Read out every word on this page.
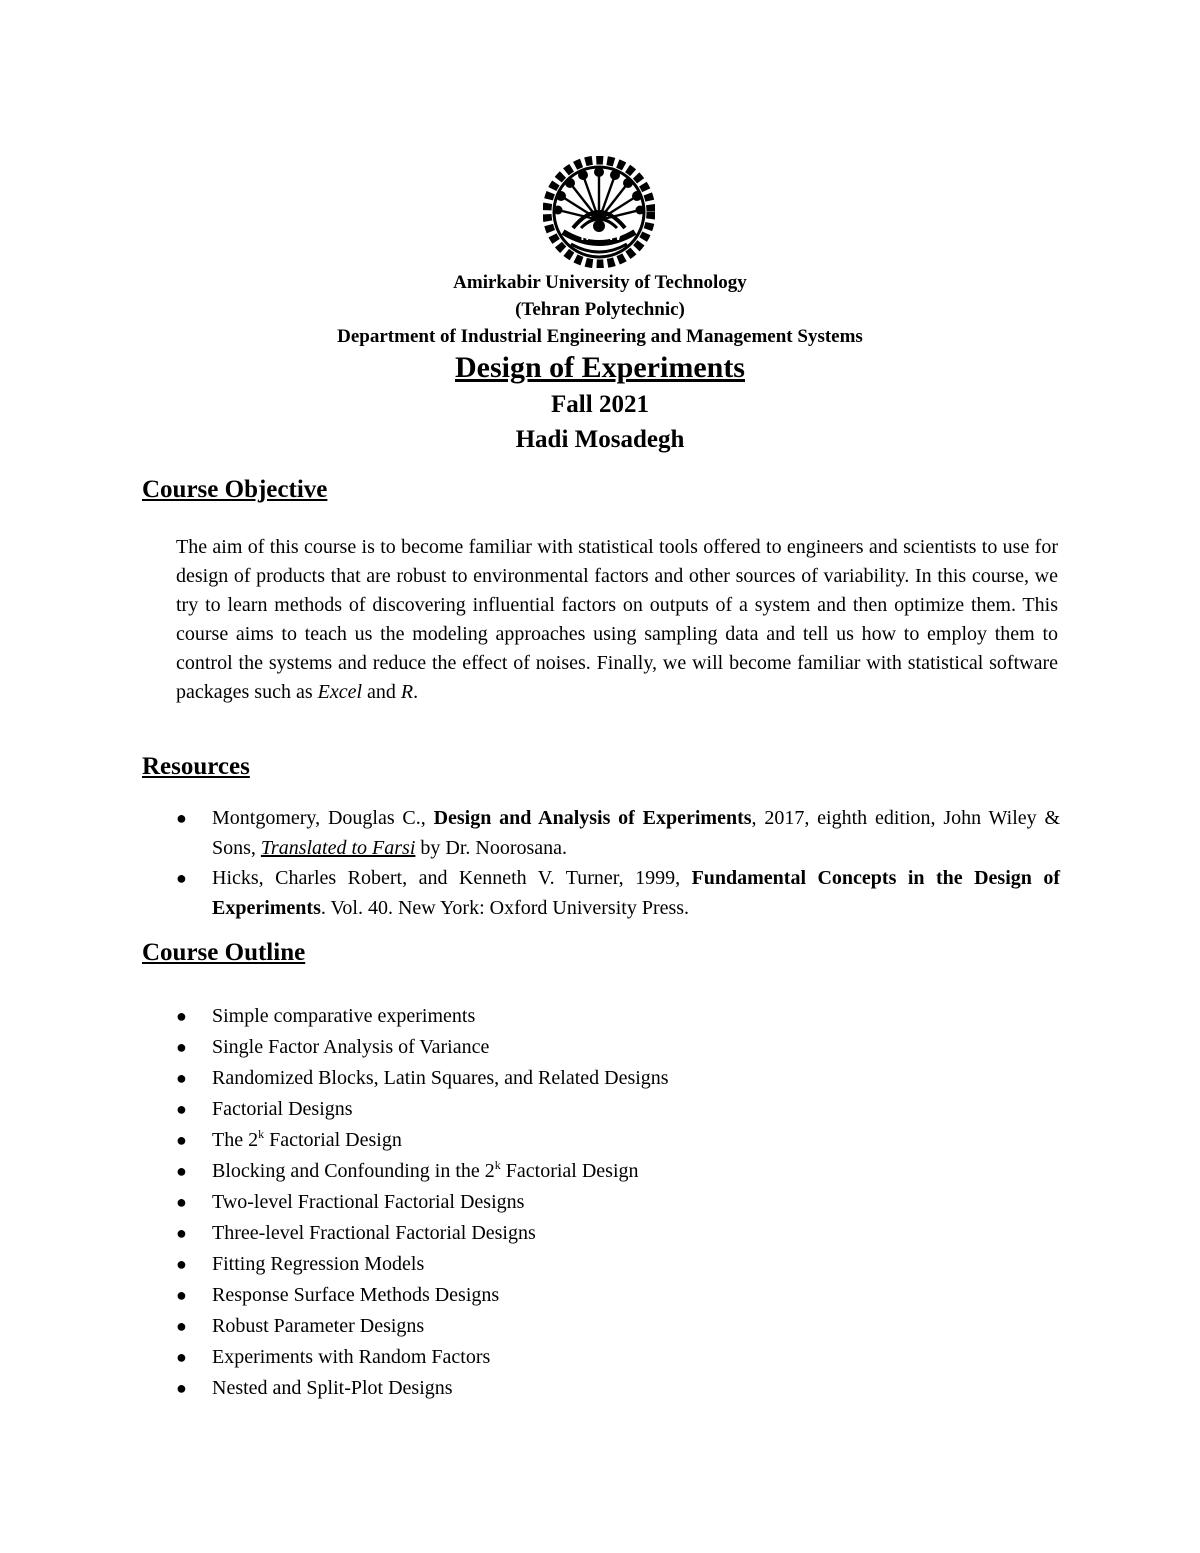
۱۳ ۳۷
Amirkabir University of Technology
(Tehran Polytechnic)
Department of Industrial Engineering and Management Systems
Design of Experiments
Fall 2021
Hadi Mosadegh
Course Objective

The aim of this course is to become familiar with statistical tools offered to engineers and scientists to use for design of products that are robust to environmental factors and other sources of variability. In this course, we try to learn methods of discovering influential factors on outputs of a system and then optimize them. This course aims to teach us the modeling approaches using sampling data and tell us how to employ them to control the systems and reduce the effect of noises. Finally, we will become familiar with statistical software packages such as Excel and R.

Resources
● Montgomery, Douglas C., Design and Analysis of Experiments, 2017, eighth edition, John Wiley & Sons, Translated to Farsi by Dr. Noorosana.
● Hicks, Charles Robert, and Kenneth V. Turner, 1999, Fundamental Concepts in the Design of Experiments. Vol. 40. New York: Oxford University Press.
Course Outline
● Simple comparative experiments
● Single Factor Analysis of Variance
● Randomized Blocks, Latin Squares, and Related Designs
● Factorial Designs
● The 2$^k$ Factorial Design
● Blocking and Confounding in the 2$^k$ Factorial Design
● Two-level Fractional Factorial Designs
● Three-level Fractional Factorial Designs
● Fitting Regression Models
● Response Surface Methods Designs
● Robust Parameter Designs
● Experiments with Random Factors
● Nested and Split-Plot Designs
